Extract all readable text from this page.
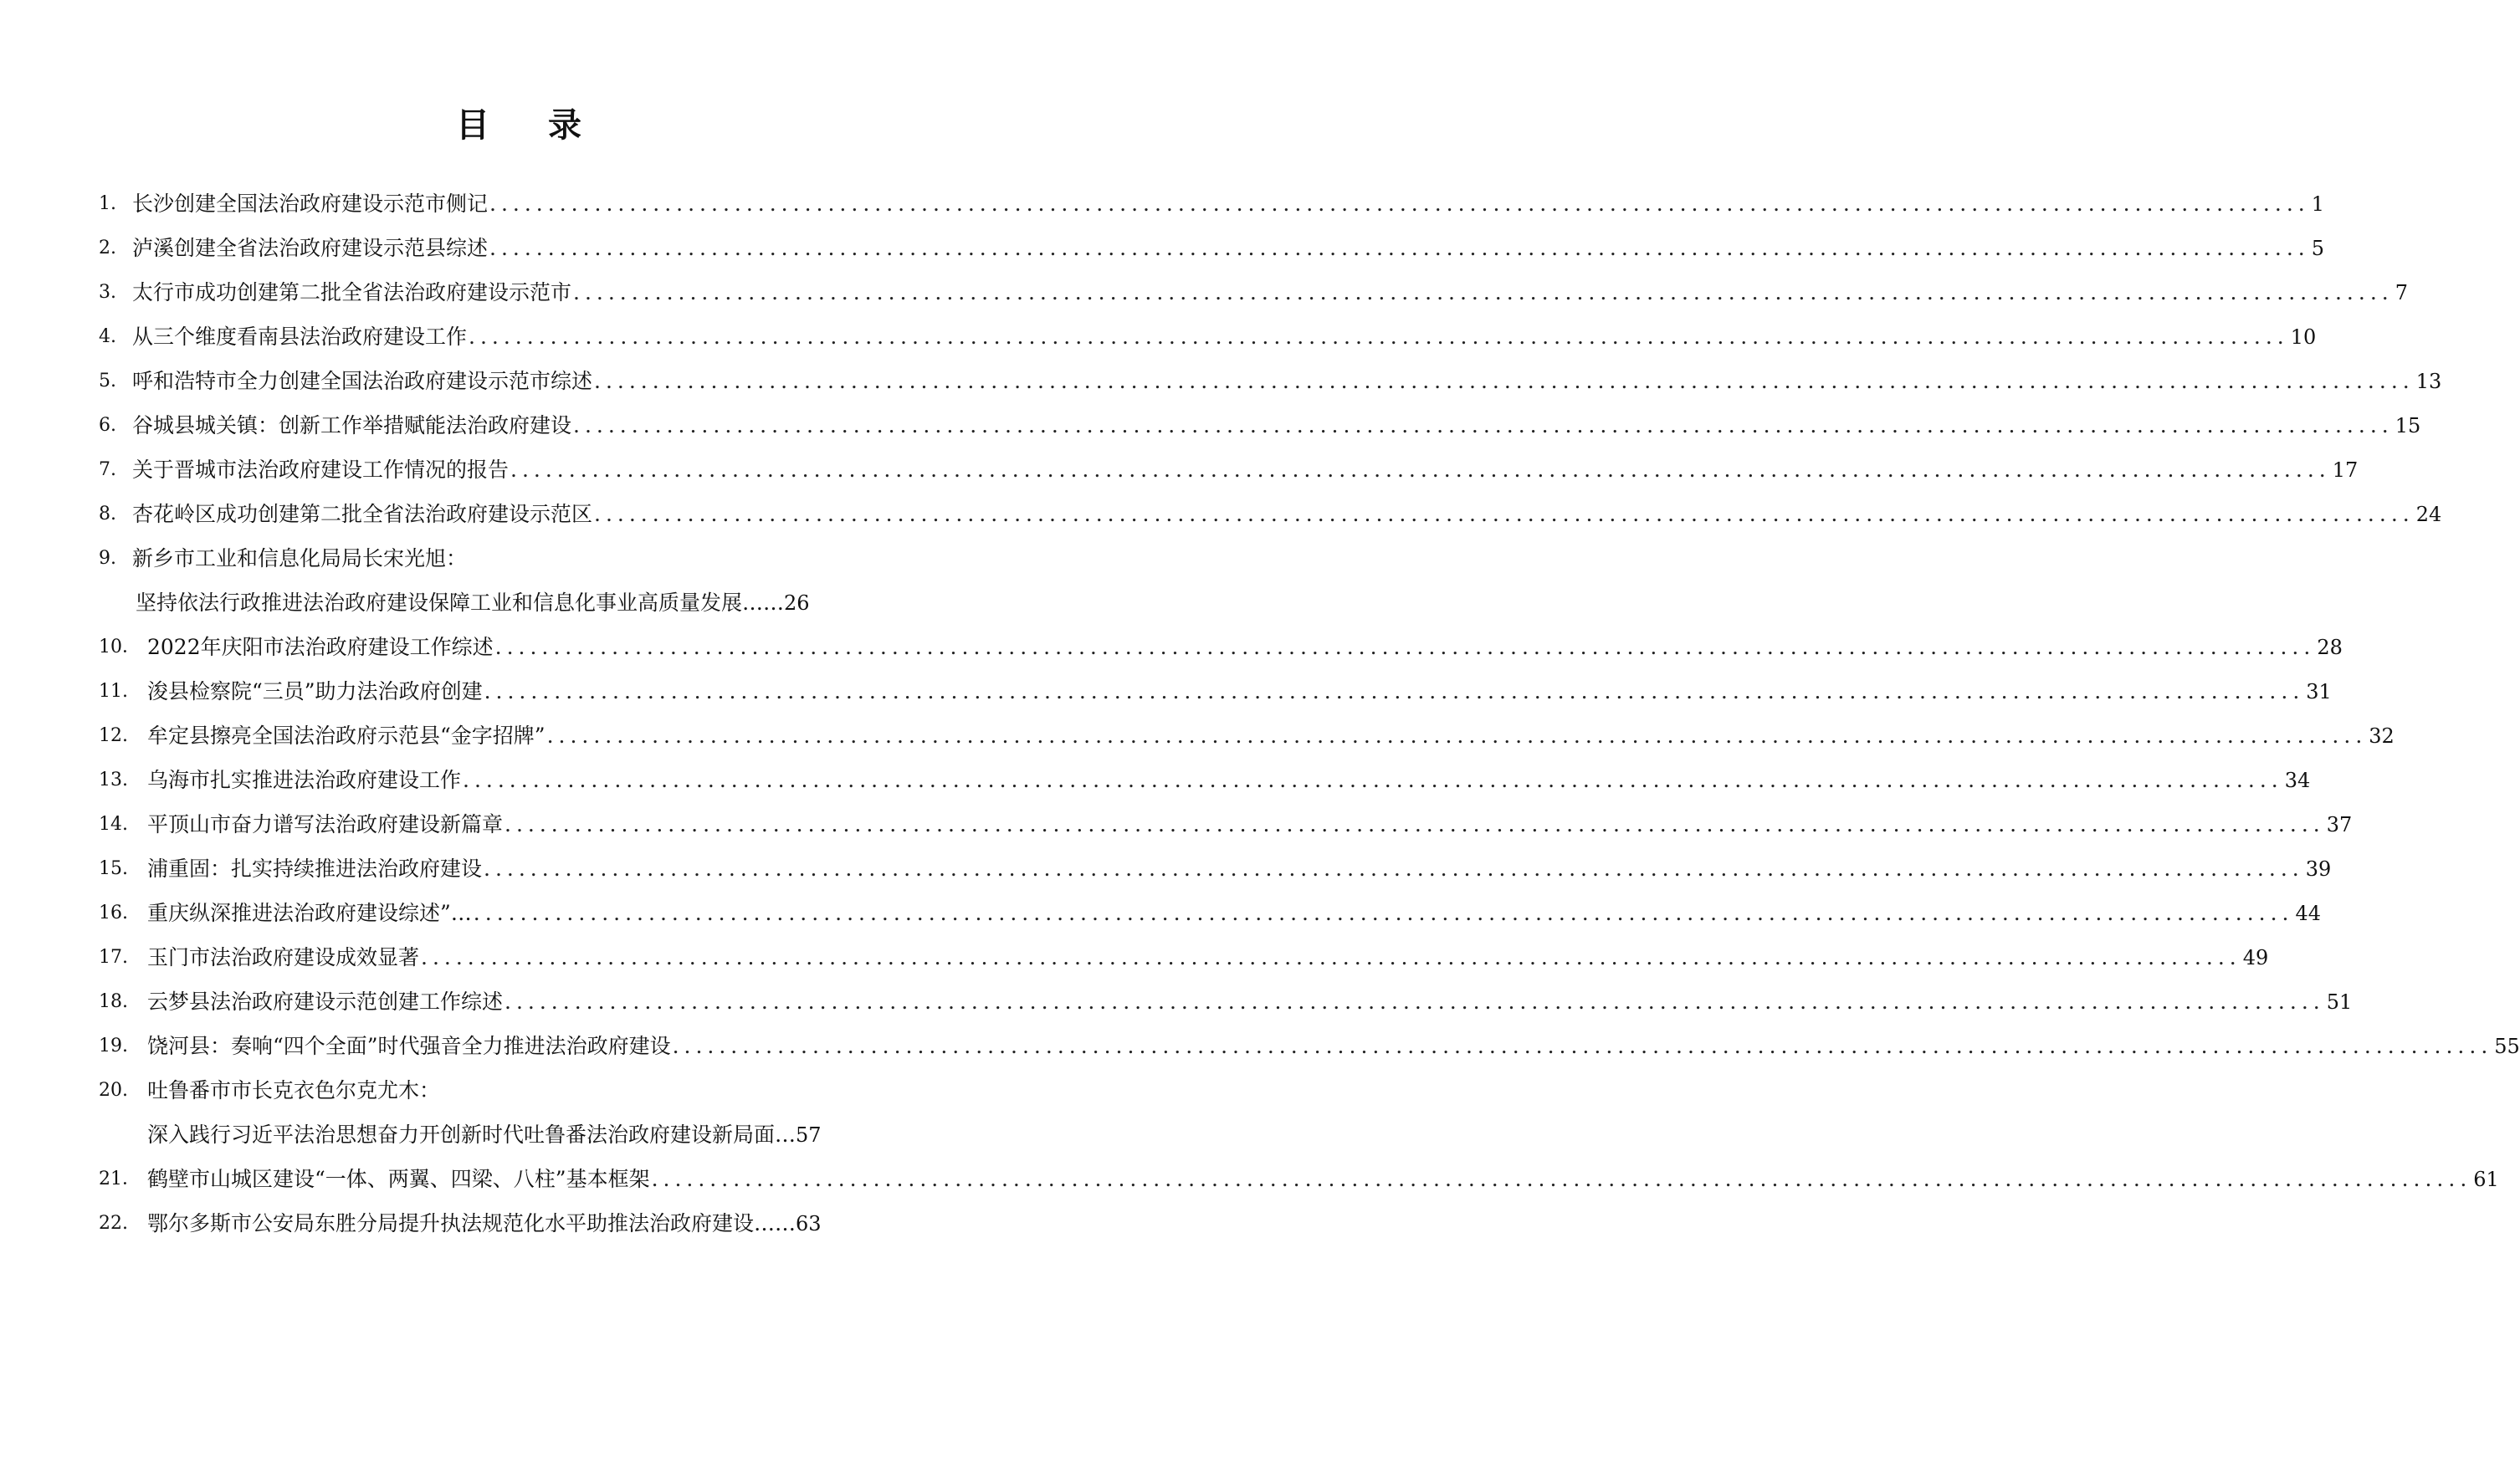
目 录
1. 长沙创建全国法治政府建设示范市侧记 ............................................................................................................................................................ 1
2. 泸溪创建全省法治政府建设示范县综述 ............................................................................................................................................................ 5
3. 太行市成功创建第二批全省法治政府建设示范市 ............................................................................................................................................................ 7
4. 从三个维度看南县法治政府建设工作 ............................................................................................................................................................ 10
5. 呼和浩特市全力创建全国法治政府建设示范市综述 ............................................................................................................................................................ 13
6. 谷城县城关镇：创新工作举措赋能法治政府建设 ............................................................................................................................................................ 15
7. 关于晋城市法治政府建设工作情况的报告 ............................................................................................................................................................ 17
8. 杏花岭区成功创建第二批全省法治政府建设示范区 ............................................................................................................................................................ 24
9. 新乡市工业和信息化局局长宋光旭：
坚持依法行政推进法治政府建设保障工业和信息化事业高质量发展…… 26
10． 2022年庆阳市法治政府建设工作综述 ............................................................................................................................................................ 28
11. 浚县检察院“三员”助力法治政府创建 ............................................................................................................................................................ 31
12. 牟定县擦亮全国法治政府示范县“金字招牌” ............................................................................................................................................................ 32
13. 乌海市扎实推进法治政府建设工作 ............................................................................................................................................................ 34
14. 平顶山市奋力谱写法治政府建设新篇章 ............................................................................................................................................................ 37
15. 浦重固：扎实持续推进法治政府建设 ............................................................................................................................................................ 39
16. 重庆纵深推进法治政府建设综述”… ............................................................................................................................................................ 44
17. 玉门市法治政府建设成效显著 ............................................................................................................................................................ 49
18. 云梦县法治政府建设示范创建工作综述 ............................................................................................................................................................ 51
19. 饶河县：奏响“四个全面”时代强音全力推进法治政府建设 ............................................................................................................................................................ 55
20. 吐鲁番市市长克衣色尔克尤木：
深入践行习近平法治思想奋力开创新时代吐鲁番法治政府建设新局面… 57
21． 鹤壁市山城区建设“一体、两翼、四梁、八柱”基本框架 ............................................................................................................................................................ 61
22. 鄂尔多斯市公安局东胜分局提升执法规范化水平助推法治政府建设…… 63
